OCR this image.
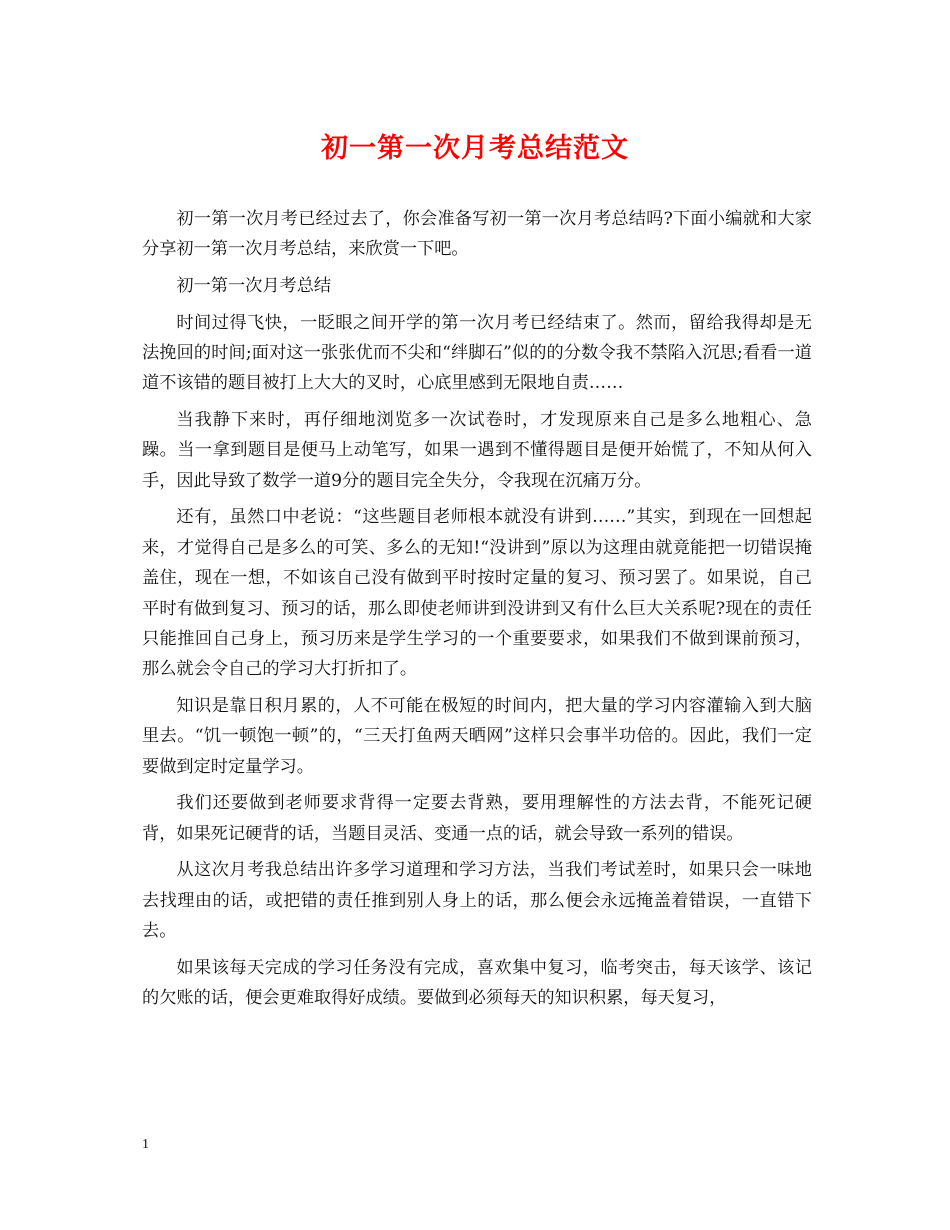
初一第一次月考总结范文

初一第一次月考已经过去了，你会准备写初一第一次月考总结吗?下面小编就和大家分享初一第一次月考总结，来欣赏一下吧。

初一第一次月考总结

时间过得飞快，一眨眼之间开学的第一次月考已经结束了。然而，留给我得却是无法挽回的时间;面对这一张张优而不尖和“绊脚石”似的的分数令我不禁陷入沉思;看看一道道不该错的题目被打上大大的叉时，心底里感到无限地自责……

当我静下来时，再仔细地浏览多一次试卷时，才发现原来自己是多么地粗心、急躁。当一拿到题目是便马上动笔写，如果一遇到不懂得题目是便开始慌了，不知从何入手，因此导致了数学一道9分的题目完全失分，令我现在沉痛万分。

还有，虽然口中老说：“这些题目老师根本就没有讲到……”其实，到现在一回想起来，才觉得自己是多么的可笑、多么的无知!“没讲到”原以为这理由就竟能把一切错误掩盖住，现在一想，不如该自己没有做到平时按时定量的复习、预习罢了。如果说，自己平时有做到复习、预习的话，那么即使老师讲到没讲到又有什么巨大关系呢?现在的责任只能推回自己身上，预习历来是学生学习的一个重要要求，如果我们不做到课前预习，那么就会令自己的学习大打折扣了。

知识是靠日积月累的，人不可能在极短的时间内，把大量的学习内容灌输入到大脑里去。“饥一顿饱一顿”的，“三天打鱼两天晒网”这样只会事半功倍的。因此，我们一定要做到定时定量学习。

我们还要做到老师要求背得一定要去背熟，要用理解性的方法去背，不能死记硬背，如果死记硬背的话，当题目灵活、变通一点的话，就会导致一系列的错误。

从这次月考我总结出许多学习道理和学习方法，当我们考试差时，如果只会一味地去找理由的话，或把错的责任推到别人身上的话，那么便会永远掩盖着错误，一直错下去。

如果该每天完成的学习任务没有完成，喜欢集中复习，临考突击，每天该学、该记的欠账的话，便会更难取得好成绩。要做到必须每天的知识积累，每天复习，

1
